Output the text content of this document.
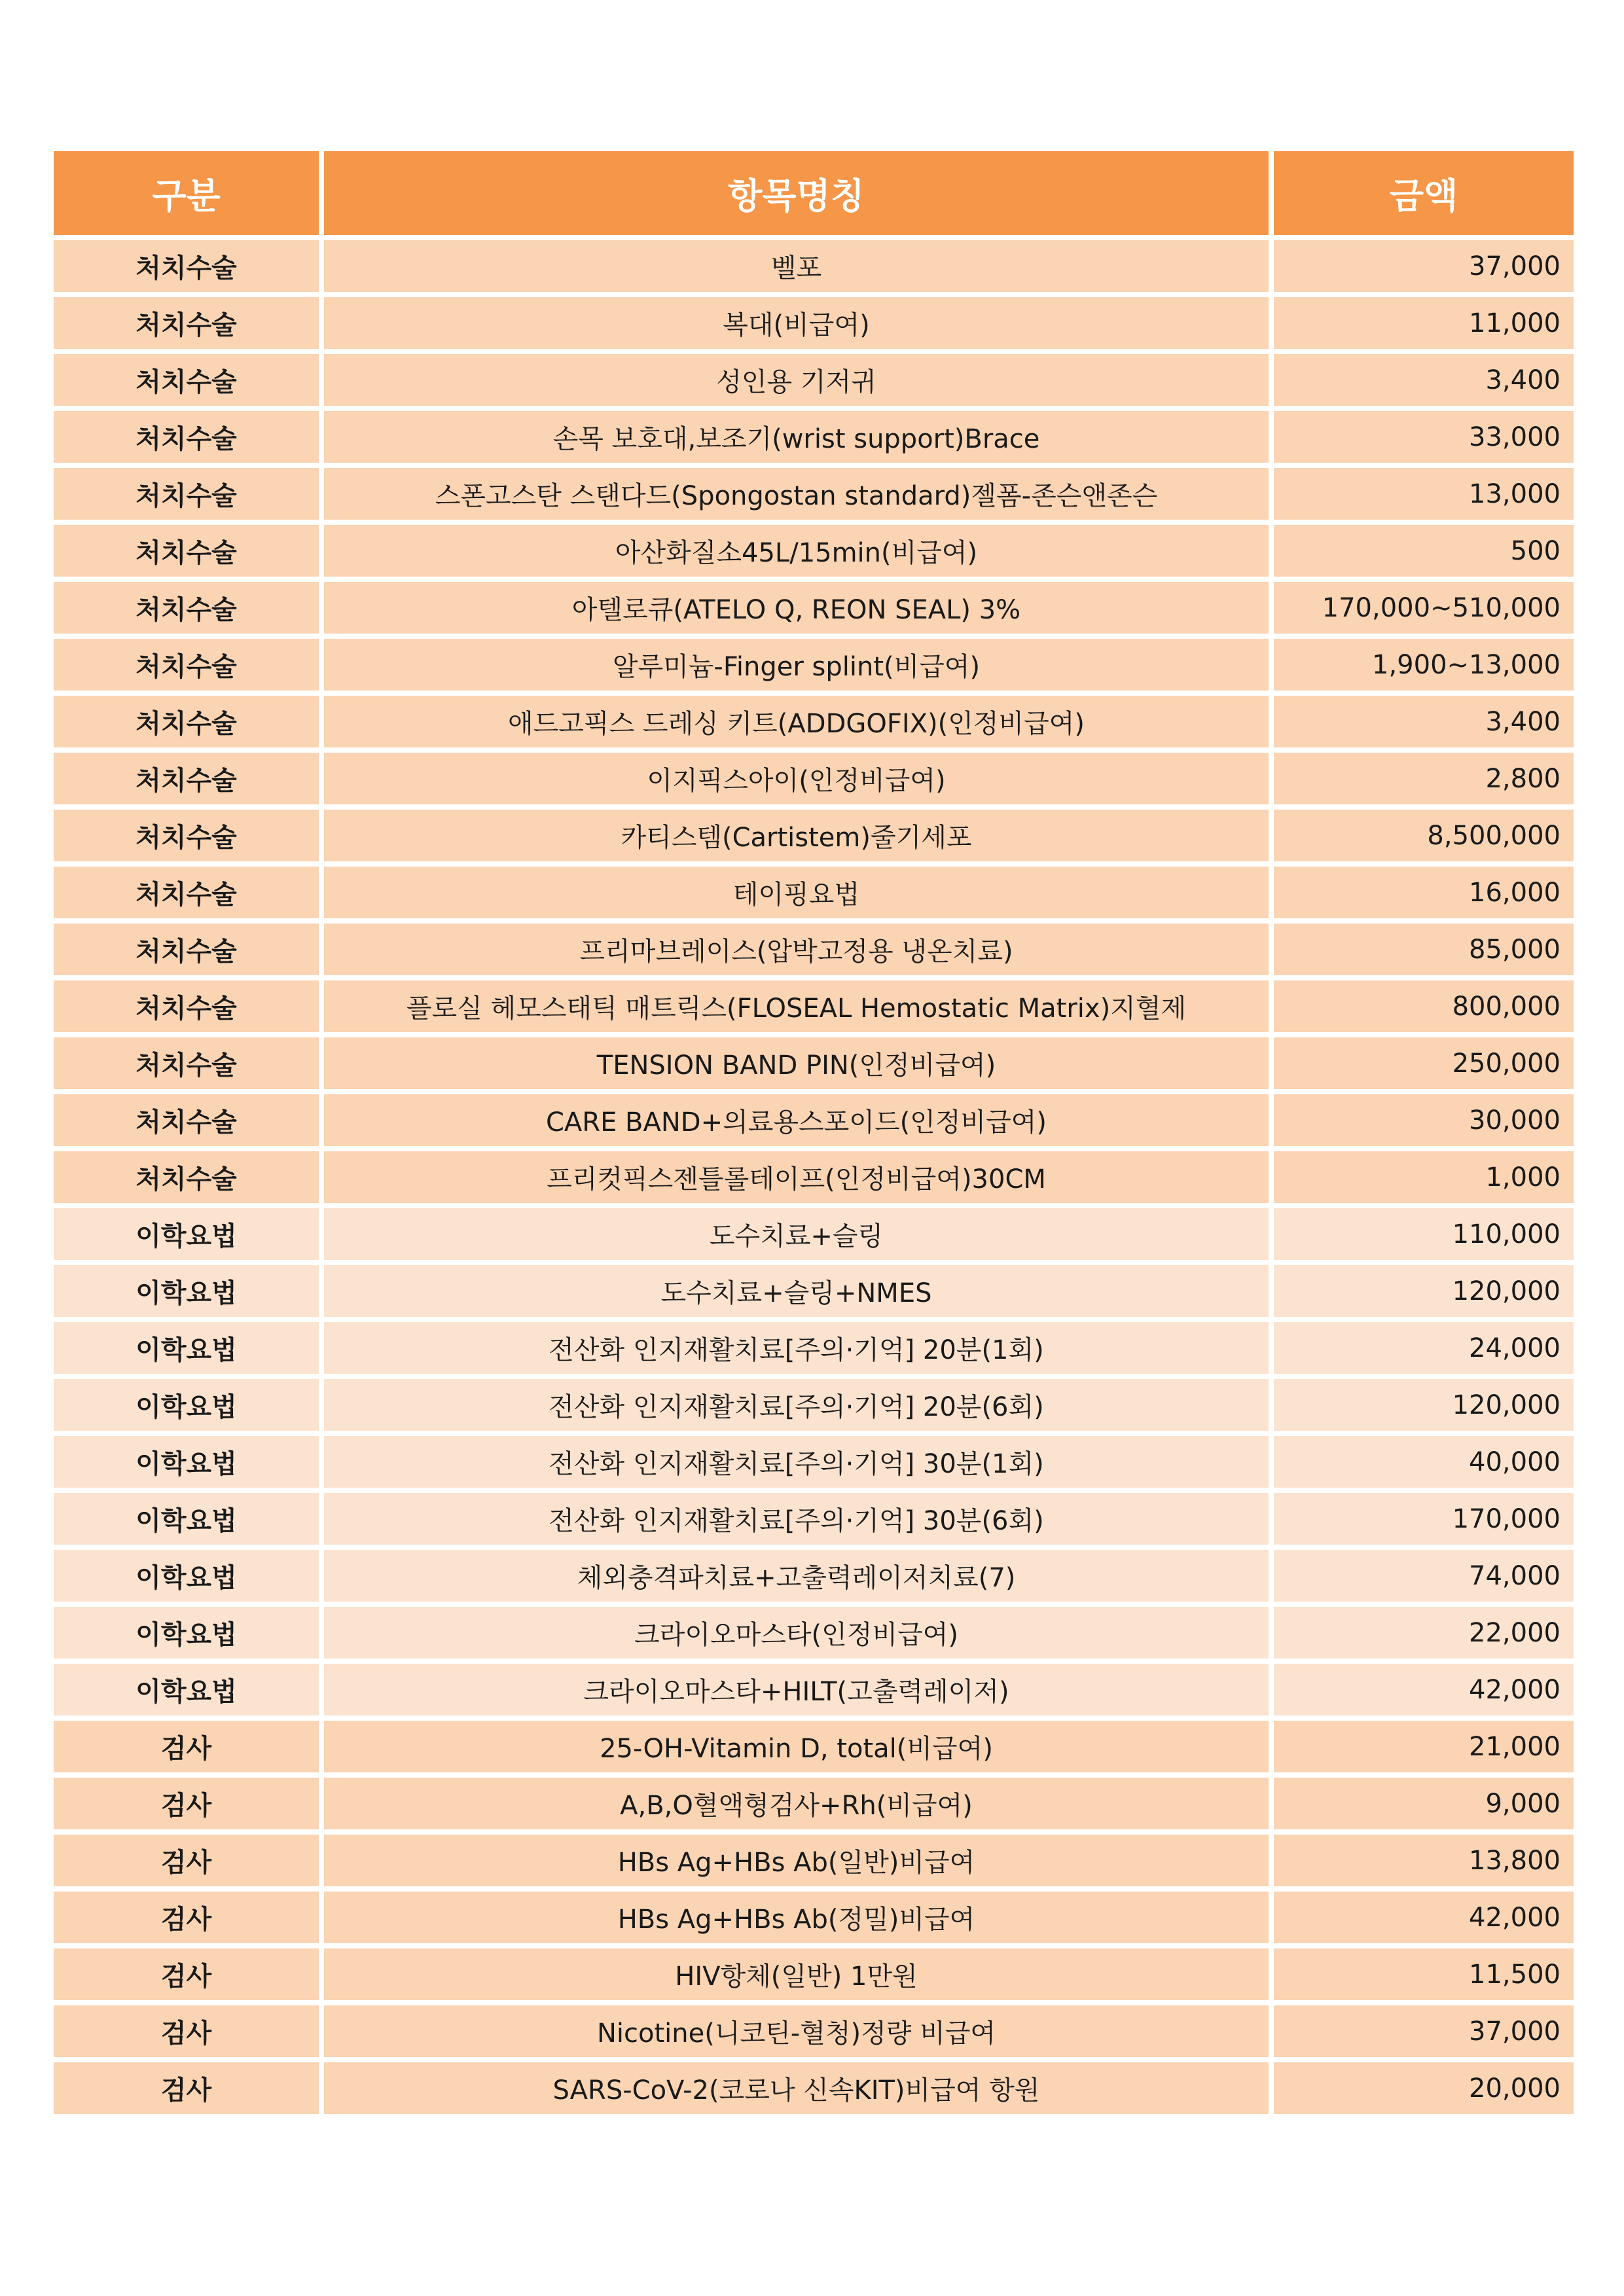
구분	항목명칭	금액
처치수술	벨포	37,000
처치수술	복대(비급여)	11,000
처치수술	성인용 기저귀	3,400
처치수술	손목 보호대,보조기(wrist support)Brace	33,000
처치수술	스폰고스탄 스탠다드(Spongostan standard)젤폼-존슨앤존슨	13,000
처치수술	아산화질소45L/15min(비급여)	500
처치수술	아텔로큐(ATELO Q, REON SEAL) 3%	170,000~510,000
처치수술	알루미늄-Finger splint(비급여)	1,900~13,000
처치수술	애드고픽스 드레싱 키트(ADDGOFIX)(인정비급여)	3,400
처치수술	이지픽스아이(인정비급여)	2,800
처치수술	카티스템(Cartistem)줄기세포	8,500,000
처치수술	테이핑요법	16,000
처치수술	프리마브레이스(압박고정용 냉온치료)	85,000
처치수술	플로실 헤모스태틱 매트릭스(FLOSEAL Hemostatic Matrix)지혈제	800,000
처치수술	TENSION BAND PIN(인정비급여)	250,000
처치수술	CARE BAND+의료용스포이드(인정비급여)	30,000
처치수술	프리컷픽스젠틀롤테이프(인정비급여)30CM	1,000
이학요법	도수치료+슬링	110,000
이학요법	도수치료+슬링+NMES	120,000
이학요법	전산화 인지재활치료[주의·기억] 20분(1회)	24,000
이학요법	전산화 인지재활치료[주의·기억] 20분(6회)	120,000
이학요법	전산화 인지재활치료[주의·기억] 30분(1회)	40,000
이학요법	전산화 인지재활치료[주의·기억] 30분(6회)	170,000
이학요법	체외충격파치료+고출력레이저치료(7)	74,000
이학요법	크라이오마스타(인정비급여)	22,000
이학요법	크라이오마스타+HILT(고출력레이저)	42,000
검사	25-OH-Vitamin D, total(비급여)	21,000
검사	A,B,O혈액형검사+Rh(비급여)	9,000
검사	HBs Ag+HBs Ab(일반)비급여	13,800
검사	HBs Ag+HBs Ab(정밀)비급여	42,000
검사	HIV항체(일반) 1만원	11,500
검사	Nicotine(니코틴-혈청)정량 비급여	37,000
검사	SARS-CoV-2(코로나 신속KIT)비급여 항원	20,000
